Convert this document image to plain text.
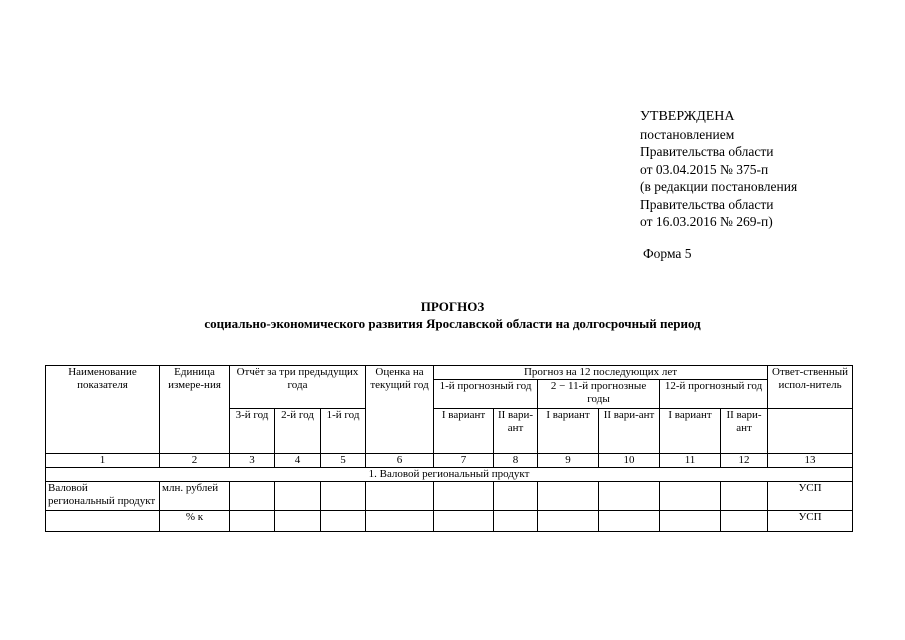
УТВЕРЖДЕНА
постановлением
Правительства области
от 03.04.2015 № 375-п
(в редакции постановления
Правительства области
от 16.03.2016 № 269-п)
Форма 5
ПРОГНОЗ
социально-экономического развития Ярославской области на долгосрочный период
Наименование показателя	Единица измере-ния	Отчёт за три предыдущих года			Оценка на текущий год	Прогноз на 12 последующих лет						Ответ-ственный испол-нитель
						1-й прогнозный год		2 − 11-й прогнозные годы		12-й прогнозный год		
		3-й год	2-й год	1-й год		I вариант	II вари-ант	I вариант	II вари-ант	I вариант	II вари-ант	
1	2	3	4	5	6	7	8	9	10	11	12	13
1. Валовой региональный продукт												
Валовой региональный продукт	млн. рублей											УСП
	% к											УСП
